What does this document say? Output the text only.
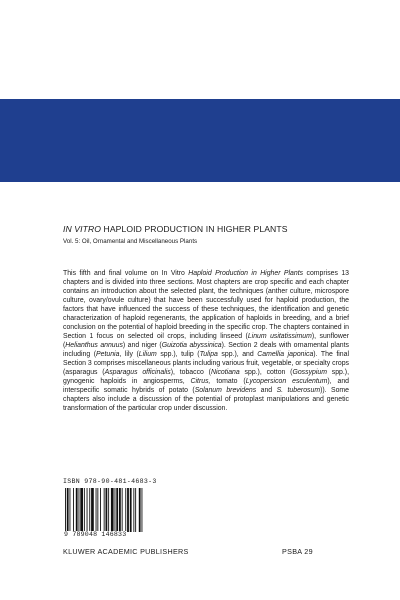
IN VITRO HAPLOID PRODUCTION IN HIGHER PLANTS
Vol. 5: Oil, Ornamental and Miscellaneous Plants
This fifth and final volume on In Vitro Haploid Production in Higher Plants comprises 13 chapters and is divided into three sections. Most chapters are crop specific and each chapter contains an introduction about the selected plant, the techniques (anther culture, microspore culture, ovary/ovule culture) that have been successfully used for haploid production, the factors that have influenced the success of these techniques, the identification and genetic characterization of haploid regenerants, the application of haploids in breeding, and a brief conclusion on the potential of haploid breeding in the specific crop. The chapters contained in Section 1 focus on selected oil crops, including linseed (Linum usitatissimum), sunflower (Helianthus annuus) and niger (Guizotia abyssinica). Section 2 deals with ornamental plants including (Petunia, lily (Lilium spp.), tulip (Tulipa spp.), and Camellia japonica). The final Section 3 comprises miscellaneous plants including various fruit, vegetable, or specialty crops (asparagus (Asparagus officinalis), tobacco (Nicotiana spp.), cotton (Gossypium spp.), gynogenic haploids in angiosperms, Citrus, tomato (Lycopersicon esculentum), and interspecific somatic hybrids of potato (Solanum brevidens and S. tuberosum)). Some chapters also include a discussion of the potential of protoplast manipulations and genetic transformation of the particular crop under discussion.
ISBN 978-90-481-4683-3
9 789048 146833
KLUWER ACADEMIC PUBLISHERS	PSBA 29
